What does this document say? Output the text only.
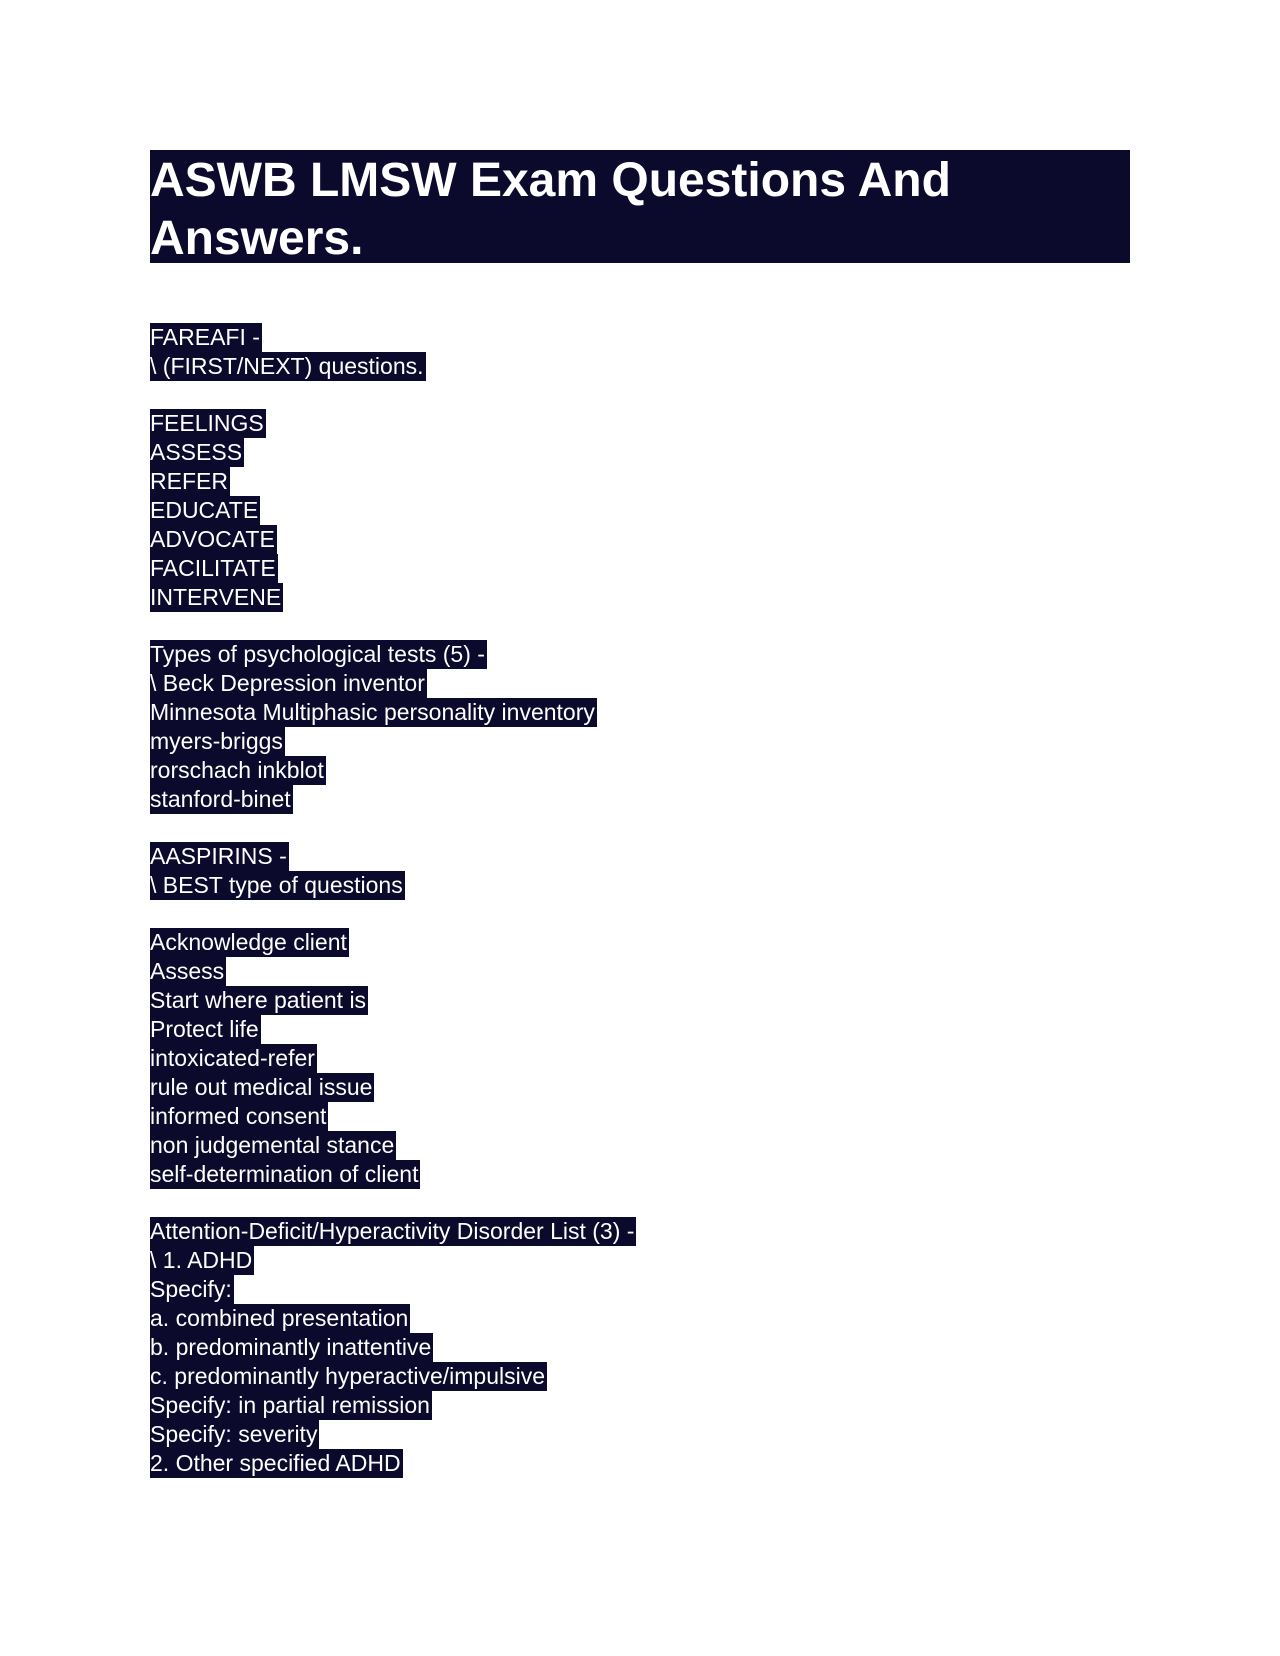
ASWB LMSW Exam Questions And Answers.
FAREAFI -
\ (FIRST/NEXT) questions.
FEELINGS
ASSESS
REFER
EDUCATE
ADVOCATE
FACILITATE
INTERVENE
Types of psychological tests (5) -
\ Beck Depression inventor
Minnesota Multiphasic personality inventory
myers-briggs
rorschach inkblot
stanford-binet
AASPIRINS -
\ BEST type of questions
Acknowledge client
Assess
Start where patient is
Protect life
intoxicated-refer
rule out medical issue
informed consent
non judgemental stance
self-determination of client
Attention-Deficit/Hyperactivity Disorder List (3) -
\ 1. ADHD
Specify:
a. combined presentation
b. predominantly inattentive
c. predominantly hyperactive/impulsive
Specify: in partial remission
Specify: severity
2. Other specified ADHD
